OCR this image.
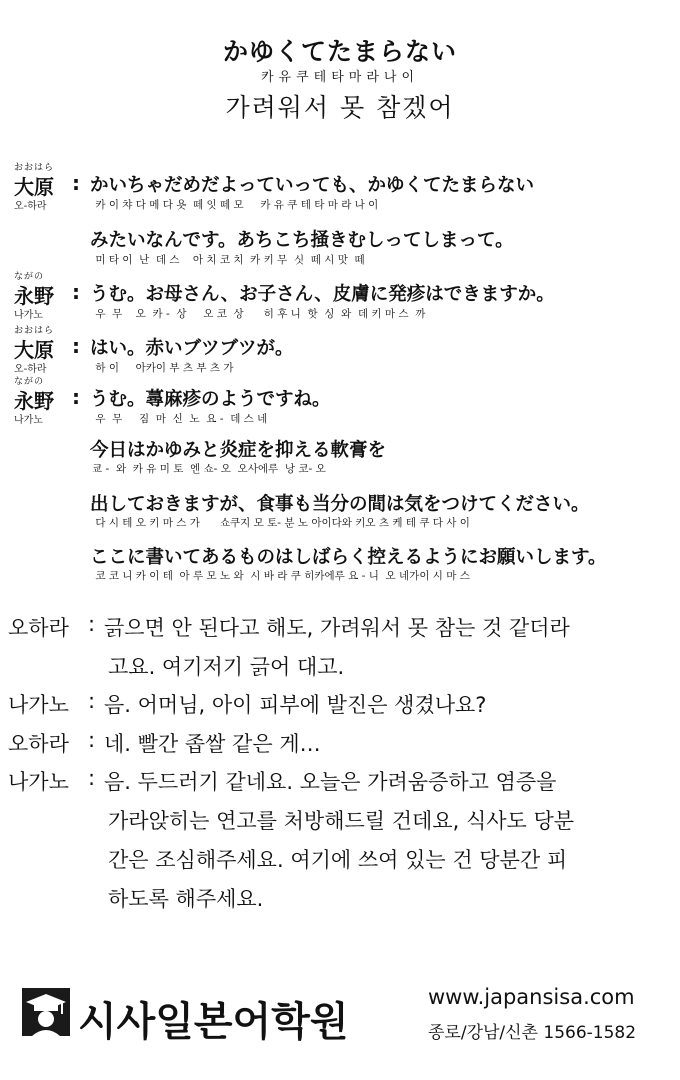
かゆくてたまらない
카유쿠테타마라나이
가려워서 못 참겠어
おおはら
大原
오-하라
: かいちゃだめだよっていっても、かゆくてたまらない
카 이 챠 다 메 다 욧  떼 잇 떼 모     카 유 쿠 테 타 마 라 나 이
みたいなんです。あちこち掻きむしってしまって。
미 타 이  난  데 스    아 치 코 치  카 키 무  싯  떼 시 맛  떼
ながの
永野
나가노
: うむ。お母さん、お子さん、皮膚に発疹はできますか。
우  무    오  카 -  상     오 코  상      히 후 니  핫  싱  와  데 키 마 스  까
おおはら
大原
오-하라
: はい。赤いブツブツが。
하 이     아카이 부 츠 부 츠 가
ながの
永野
나가노
: うむ。蕁麻疹のようですね。
우  무     짐  마  신  노  요 -  데 스 네
今日はかゆみと炎症を抑える軟膏を
쿄 -  와  카 유 미 토  엔 쇼- 오  오사에루  낭 코- 오
出しておきますが、食事も当分の間は気をつけてください。
다 시 테 오 키 마 스 가      쇼쿠지 모 토- 분 노 아이다와 키오 츠 케 테 쿠 다 사 이
ここに書いてあるものはしばらく控えるようにお願いします。
코 코 니 카 이 테  아 루 모 노 와  시 바 라 쿠 히카에루 요 - 니  오 네가이 시 마 스
오하라 : 긁으면 안 된다고 해도, 가려워서 못 참는 것 같더라
고요. 여기저기 긁어 대고.
나가노 : 음. 어머님, 아이 피부에 발진은 생겼나요?
오하라 : 네. 빨간 좁쌀 같은 게…
나가노 : 음. 두드러기 같네요. 오늘은 가려움증하고 염증을
가라앉히는 연고를 처방해드릴 건데요, 식사도 당분
간은 조심해주세요. 여기에 쓰여 있는 건 당분간 피
하도록 해주세요.
시사일본어학원
www.japansisa.com
종로/강남/신촌 1566-1582
